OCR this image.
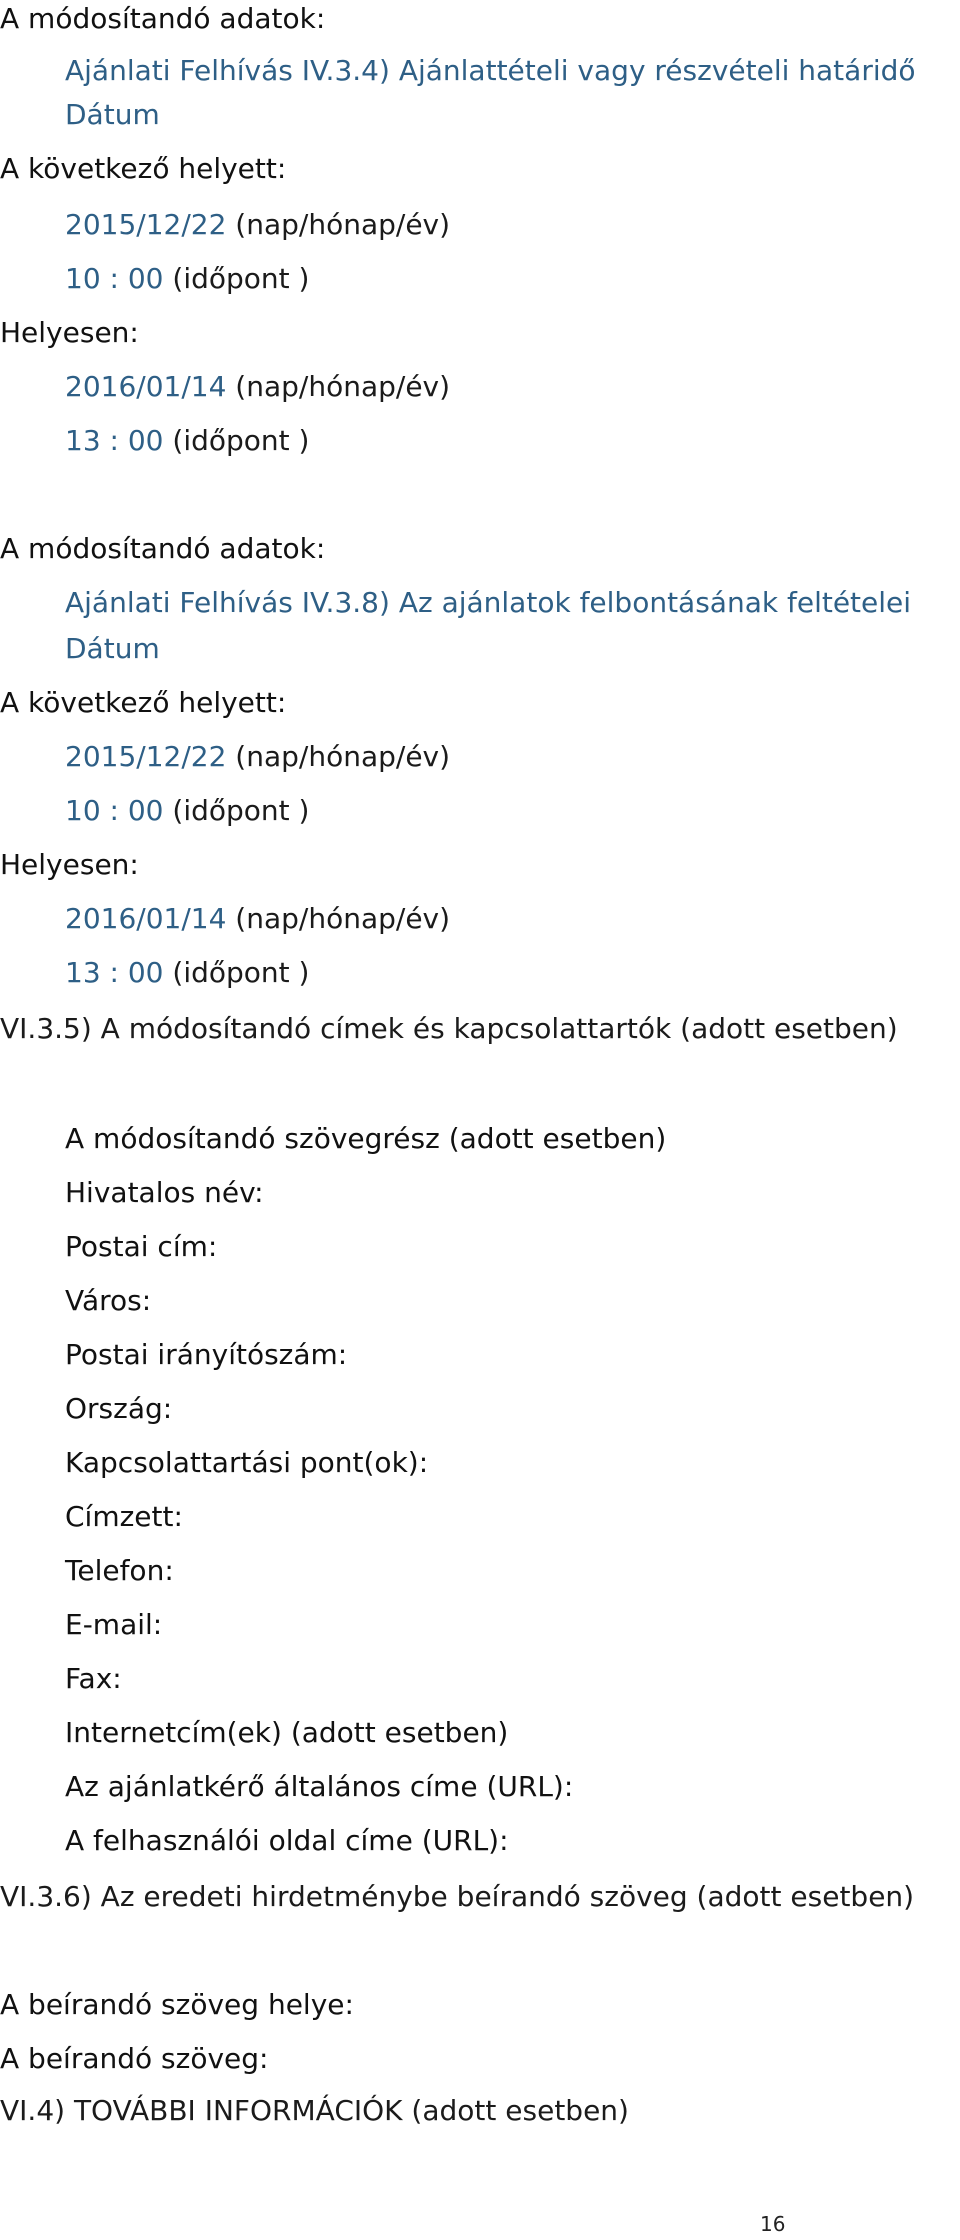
A módosítandó adatok:
Ajánlati Felhívás IV.3.4) Ajánlattételi vagy részvételi határidő
Dátum
A következő helyett:
2015/12/22 (nap/hónap/év)
10 : 00 (időpont )
Helyesen:
2016/01/14 (nap/hónap/év)
13 : 00 (időpont )
A módosítandó adatok:
Ajánlati Felhívás IV.3.8) Az ajánlatok felbontásának feltételei
Dátum
A következő helyett:
2015/12/22 (nap/hónap/év)
10 : 00 (időpont )
Helyesen:
2016/01/14 (nap/hónap/év)
13 : 00 (időpont )
VI.3.5) A módosítandó címek és kapcsolattartók (adott esetben)
A módosítandó szövegrész (adott esetben)
Hivatalos név:
Postai cím:
Város:
Postai irányítószám:
Ország:
Kapcsolattartási pont(ok):
Címzett:
Telefon:
E-mail:
Fax:
Internetcím(ek) (adott esetben)
Az ajánlatkérő általános címe (URL):
A felhasználói oldal címe (URL):
VI.3.6) Az eredeti hirdetménybe beírandó szöveg (adott esetben)
A beírandó szöveg helye:
A beírandó szöveg:
VI.4) TOVÁBBI INFORMÁCIÓK (adott esetben)
16
